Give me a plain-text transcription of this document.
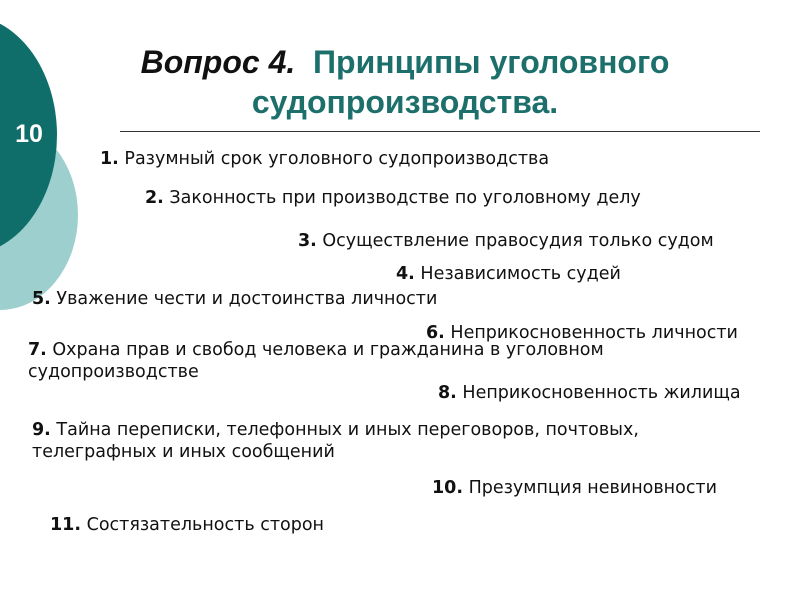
10
Вопрос 4. Принципы уголовного
судопроизводства.
1. Разумный срок уголовного судопроизводства
2. Законность при производстве по уголовному делу
3. Осуществление правосудия только судом
4. Независимость судей
5. Уважение чести и достоинства личности
6. Неприкосновенность личности
7. Охрана прав и свобод человека и гражданина в уголовном судопроизводстве
8. Неприкосновенность жилища
9. Тайна переписки, телефонных и иных переговоров, почтовых, телеграфных и иных сообщений
10. Презумпция невиновности
11. Состязательность сторон
